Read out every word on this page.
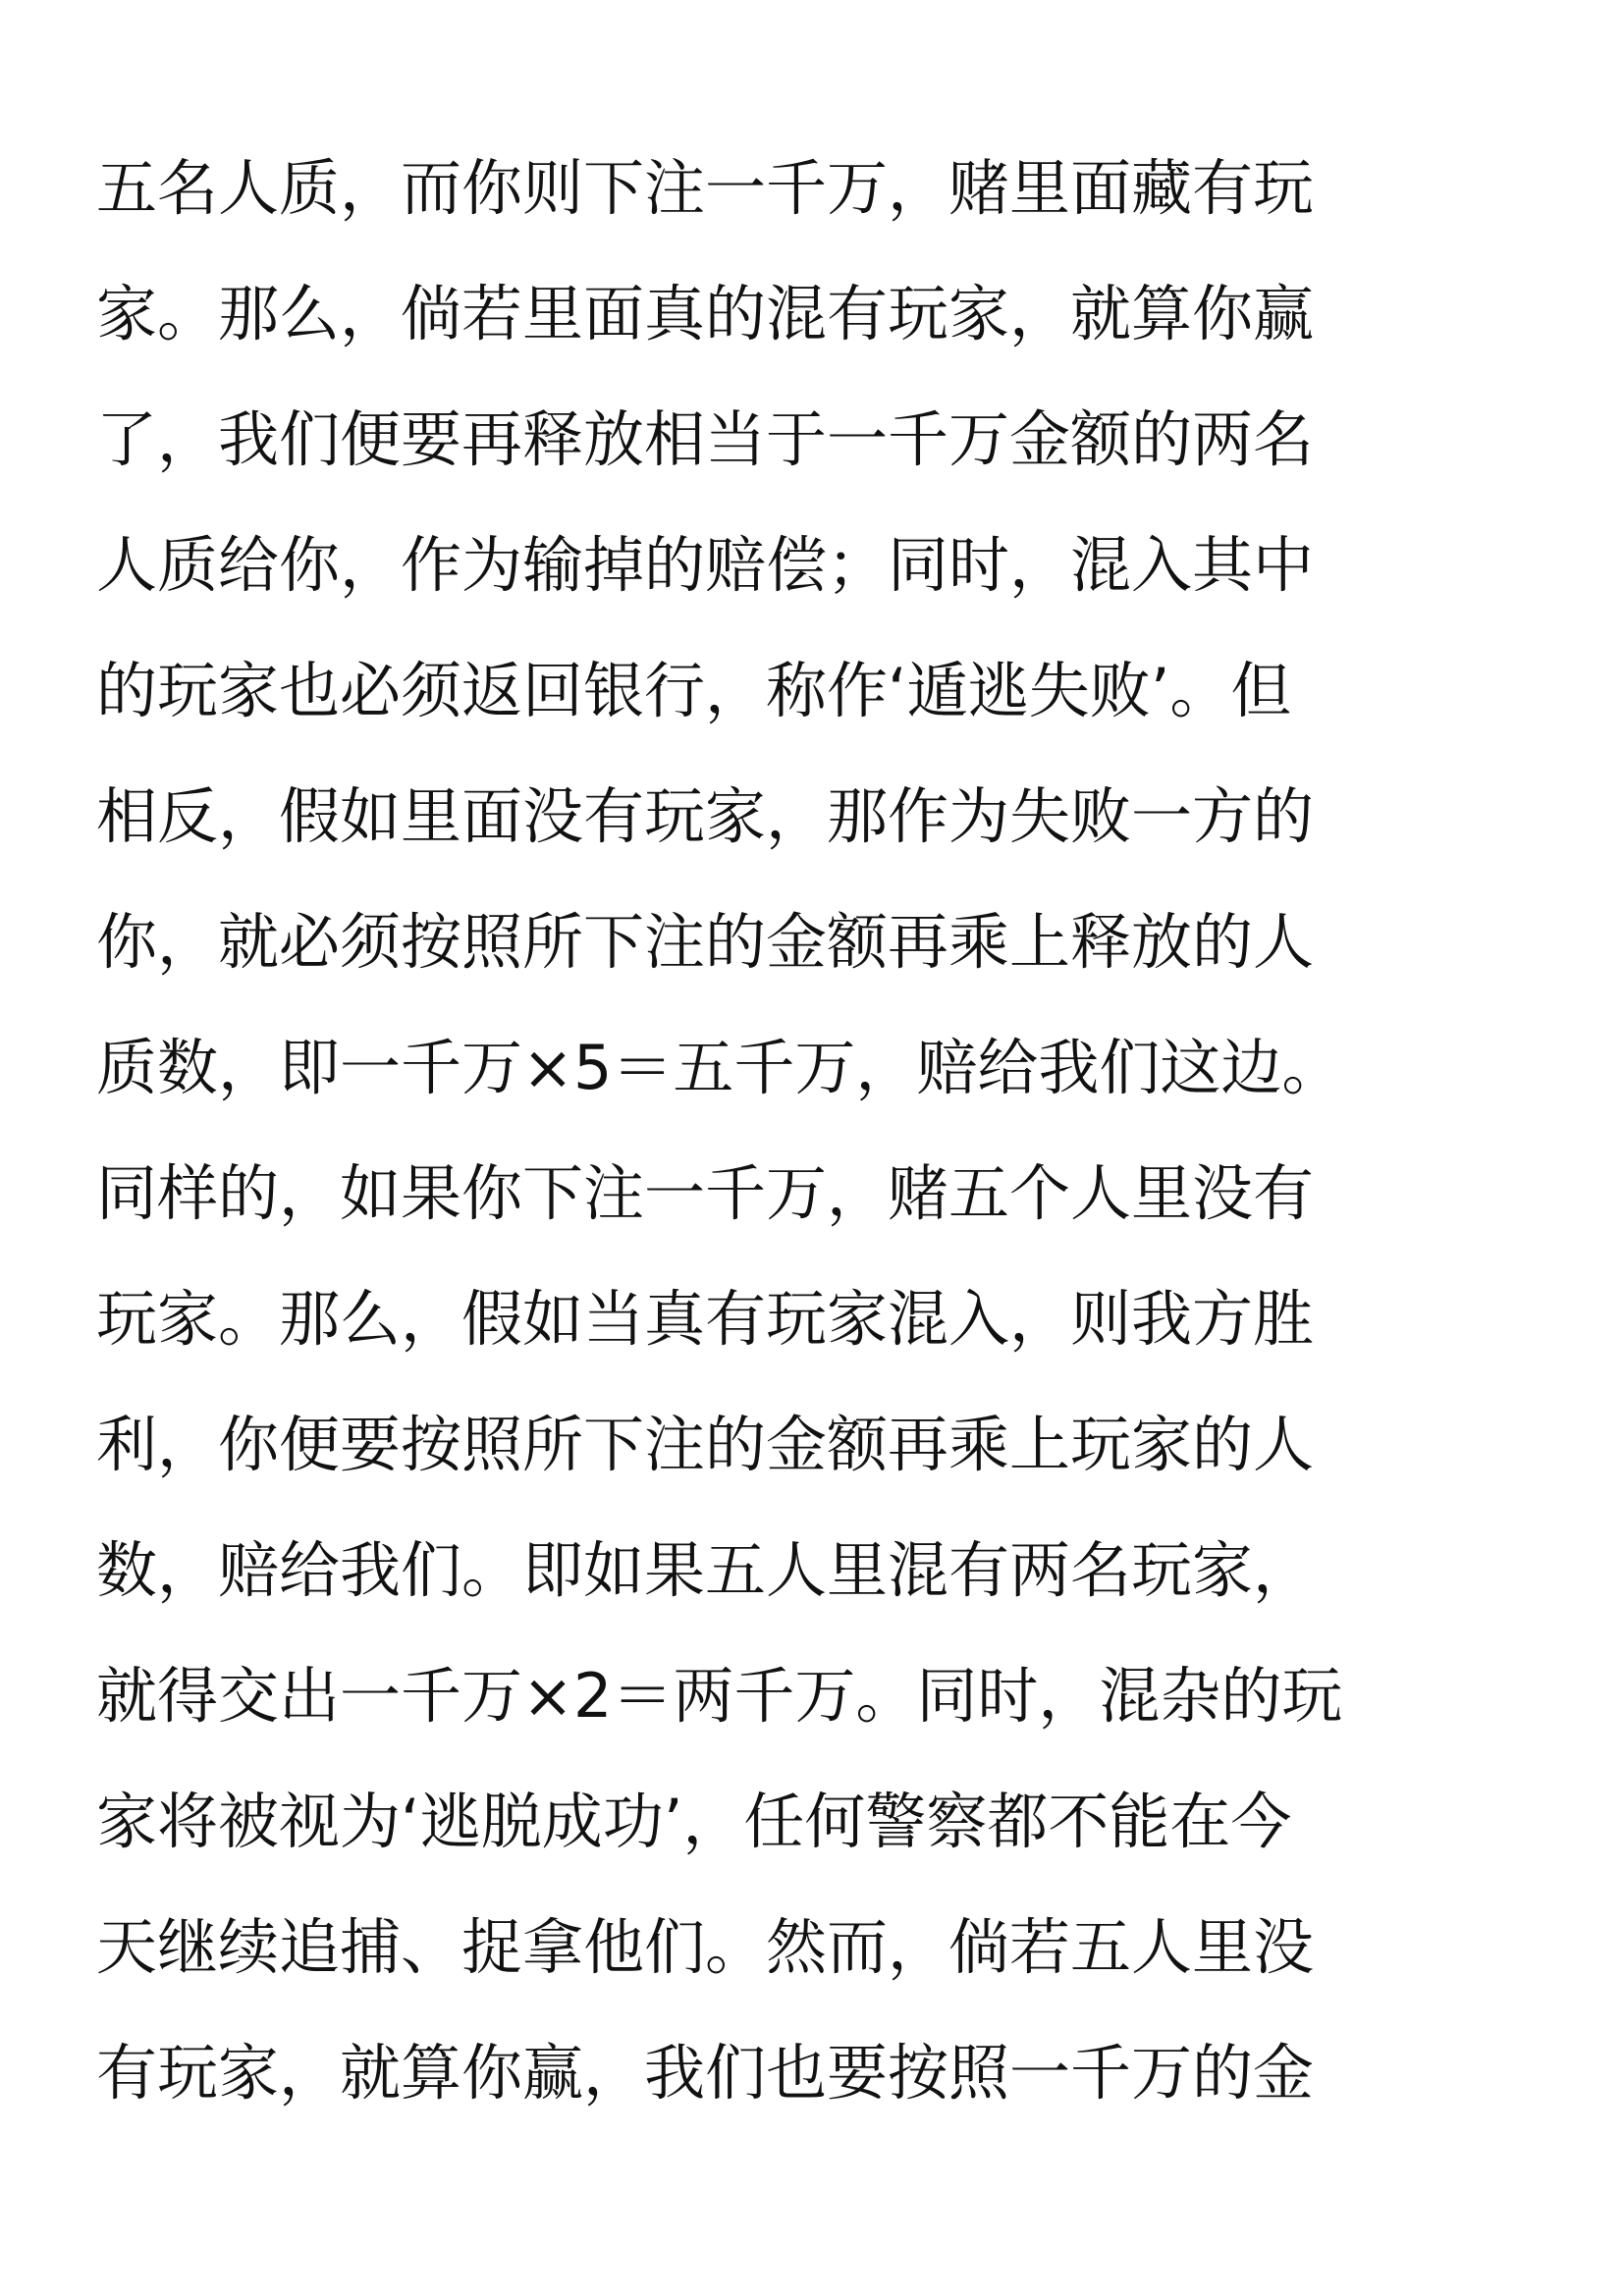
五名人质，而你则下注一千万，赌里面藏有玩
家。那么，倘若里面真的混有玩家，就算你赢
了，我们便要再释放相当于一千万金额的两名
人质给你，作为输掉的赔偿；同时，混入其中
的玩家也必须返回银行，称作‘遁逃失败’。但
相反，假如里面没有玩家，那作为失败一方的
你，就必须按照所下注的金额再乘上释放的人
质数，即一千万×5＝五千万，赔给我们这边。
同样的，如果你下注一千万，赌五个人里没有
玩家。那么，假如当真有玩家混入，则我方胜
利，你便要按照所下注的金额再乘上玩家的人
数，赔给我们。即如果五人里混有两名玩家，
就得交出一千万×2＝两千万。同时，混杂的玩
家将被视为‘逃脱成功’，任何警察都不能在今
天继续追捕、捉拿他们。然而，倘若五人里没
有玩家，就算你赢，我们也要按照一千万的金
